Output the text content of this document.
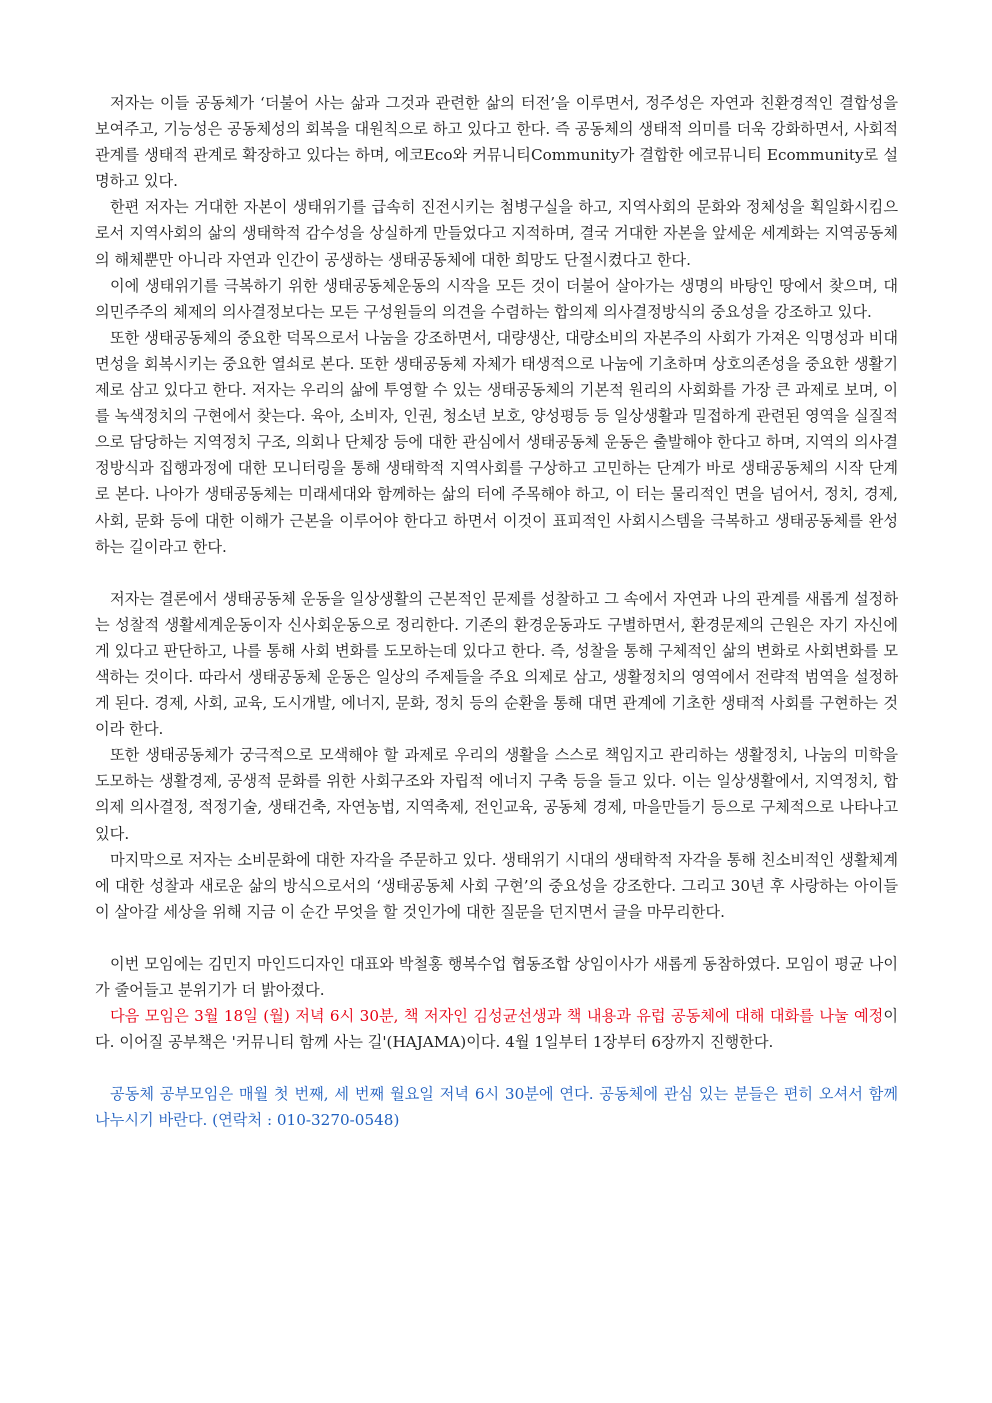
저자는 이들 공동체가 ‘더불어 사는 삶과 그것과 관련한 삶의 터전’을 이루면서, 정주성은 자연과 친환경적인 결합성을 보여주고, 기능성은 공동체성의 회복을 대원칙으로 하고 있다고 한다. 즉 공동체의 생태적 의미를 더욱 강화하면서, 사회적 관계를 생태적 관계로 확장하고 있다는 하며, 에코Eco와 커뮤니티Community가 결합한 에코뮤니티 Ecommunity로 설명하고 있다.

한편 저자는 거대한 자본이 생태위기를 급속히 진전시키는 첨병구실을 하고, 지역사회의 문화와 정체성을 획일화시킴으로서 지역사회의 삶의 생태학적 감수성을 상실하게 만들었다고 지적하며, 결국 거대한 자본을 앞세운 세계화는 지역공동체의 해체뿐만 아니라 자연과 인간이 공생하는 생태공동체에 대한 희망도 단절시켰다고 한다.

이에 생태위기를 극복하기 위한 생태공동체운동의 시작을 모든 것이 더불어 살아가는 생명의 바탕인 땅에서 찾으며, 대의민주주의 체제의 의사결정보다는 모든 구성원들의 의견을 수렴하는 합의제 의사결정방식의 중요성을 강조하고 있다.

또한 생태공동체의 중요한 덕목으로서 나눔을 강조하면서, 대량생산, 대량소비의 자본주의 사회가 가져온 익명성과 비대면성을 회복시키는 중요한 열쇠로 본다. 또한 생태공동체 자체가 태생적으로 나눔에 기초하며 상호의존성을 중요한 생활기제로 삼고 있다고 한다. 저자는 우리의 삶에 투영할 수 있는 생태공동체의 기본적 원리의 사회화를 가장 큰 과제로 보며, 이를 녹색정치의 구현에서 찾는다. 육아, 소비자, 인권, 청소년 보호, 양성평등 등 일상생활과 밀접하게 관련된 영역을 실질적으로 담당하는 지역정치 구조, 의회나 단체장 등에 대한 관심에서 생태공동체 운동은 출발해야 한다고 하며, 지역의 의사결정방식과 집행과정에 대한 모니터링을 통해 생태학적 지역사회를 구상하고 고민하는 단계가 바로 생태공동체의 시작 단계로 본다. 나아가 생태공동체는 미래세대와 함께하는 삶의 터에 주목해야 하고, 이 터는 물리적인 면을 넘어서, 정치, 경제, 사회, 문화 등에 대한 이해가 근본을 이루어야 한다고 하면서 이것이 표피적인 사회시스템을 극복하고 생태공동체를 완성하는 길이라고 한다.

저자는 결론에서 생태공동체 운동을 일상생활의 근본적인 문제를 성찰하고 그 속에서 자연과 나의 관계를 새롭게 설정하는 성찰적 생활세계운동이자 신사회운동으로 정리한다. 기존의 환경운동과도 구별하면서, 환경문제의 근원은 자기 자신에게 있다고 판단하고, 나를 통해 사회 변화를 도모하는데 있다고 한다. 즉, 성찰을 통해 구체적인 삶의 변화로 사회변화를 모색하는 것이다. 따라서 생태공동체 운동은 일상의 주제들을 주요 의제로 삼고, 생활정치의 영역에서 전략적 범역을 설정하게 된다. 경제, 사회, 교육, 도시개발, 에너지, 문화, 정치 등의 순환을 통해 대면 관계에 기초한 생태적 사회를 구현하는 것이라 한다.

또한 생태공동체가 궁극적으로 모색해야 할 과제로 우리의 생활을 스스로 책임지고 관리하는 생활정치, 나눔의 미학을 도모하는 생활경제, 공생적 문화를 위한 사회구조와 자립적 에너지 구축 등을 들고 있다. 이는 일상생활에서, 지역정치, 합의제 의사결정, 적정기술, 생태건축, 자연농법, 지역축제, 전인교육, 공동체 경제, 마을만들기 등으로 구체적으로 나타나고 있다.

마지막으로 저자는 소비문화에 대한 자각을 주문하고 있다. 생태위기 시대의 생태학적 자각을 통해 친소비적인 생활체계에 대한 성찰과 새로운 삶의 방식으로서의 ‘생태공동체 사회 구현’의 중요성을 강조한다. 그리고 30년 후 사랑하는 아이들이 살아갈 세상을 위해 지금 이 순간 무엇을 할 것인가에 대한 질문을 던지면서 글을 마무리한다.

이번 모임에는 김민지 마인드디자인 대표와 박철홍 행복수업 협동조합 상임이사가 새롭게 동참하였다. 모임이 평균 나이가 줄어들고 분위기가 더 밝아졌다.

다음 모임은 3월 18일 (월) 저녁 6시 30분, 책 저자인 김성균선생과 책 내용과 유럽 공동체에 대해 대화를 나눌 예정이다. 이어질 공부책은 '커뮤니티 함께 사는 길'(HAJAMA)이다. 4월 1일부터 1장부터 6장까지 진행한다.

공동체 공부모임은 매월 첫 번째, 세 번째 월요일 저녁 6시 30분에 연다. 공동체에 관심 있는 분들은 편히 오셔서 함께 나누시기 바란다. (연락처 : 010-3270-0548)
